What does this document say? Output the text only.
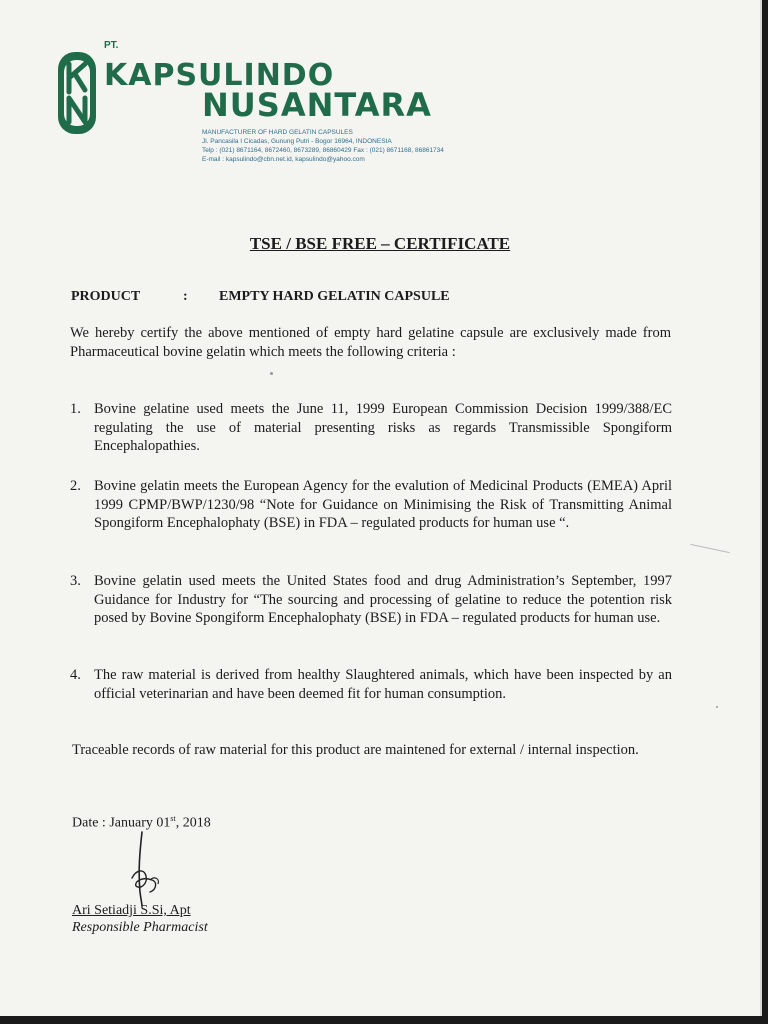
PT.
KAPSULINDO
NUSANTARA
MANUFACTURER OF HARD GELATIN CAPSULES
Jl. Pancasila I Cicadas, Gunung Putri - Bogor 16964, INDONESIA
Telp : (021) 8671164, 8672460, 8673289, 86860429 Fax : (021) 8671168, 86861734
E-mail : kapsulindo@cbn.net.id, kapsulindo@yahoo.com
TSE / BSE FREE – CERTIFICATE
PRODUCT	: EMPTY HARD GELATIN CAPSULE
We hereby certify the above mentioned of empty hard gelatine capsule are exclusively made from Pharmaceutical bovine gelatin which meets the following criteria :
1. Bovine gelatine used meets the June 11, 1999 European Commission Decision 1999/388/EC regulating the use of material presenting risks as regards Transmissible Spongiform Encephalopathies.
2. Bovine gelatin meets the European Agency for the evalution of Medicinal Products (EMEA) April 1999 CPMP/BWP/1230/98 “Note for Guidance on Minimising the Risk of Transmitting Animal Spongiform Encephalophaty (BSE) in FDA – regulated products for human use “.
3. Bovine gelatin used meets the United States food and drug Administration’s September, 1997 Guidance for Industry for “The sourcing and processing of gelatine to reduce the potention risk posed by Bovine Spongiform Encephalophaty (BSE) in FDA – regulated products for human use.
4. The raw material is derived from healthy Slaughtered animals, which have been inspected by an official veterinarian and have been deemed fit for human consumption.
Traceable records of raw material for this product are maintened for external / internal inspection.
Date : January 01st, 2018
Ari Setiadji S.Si, Apt
Responsible Pharmacist
